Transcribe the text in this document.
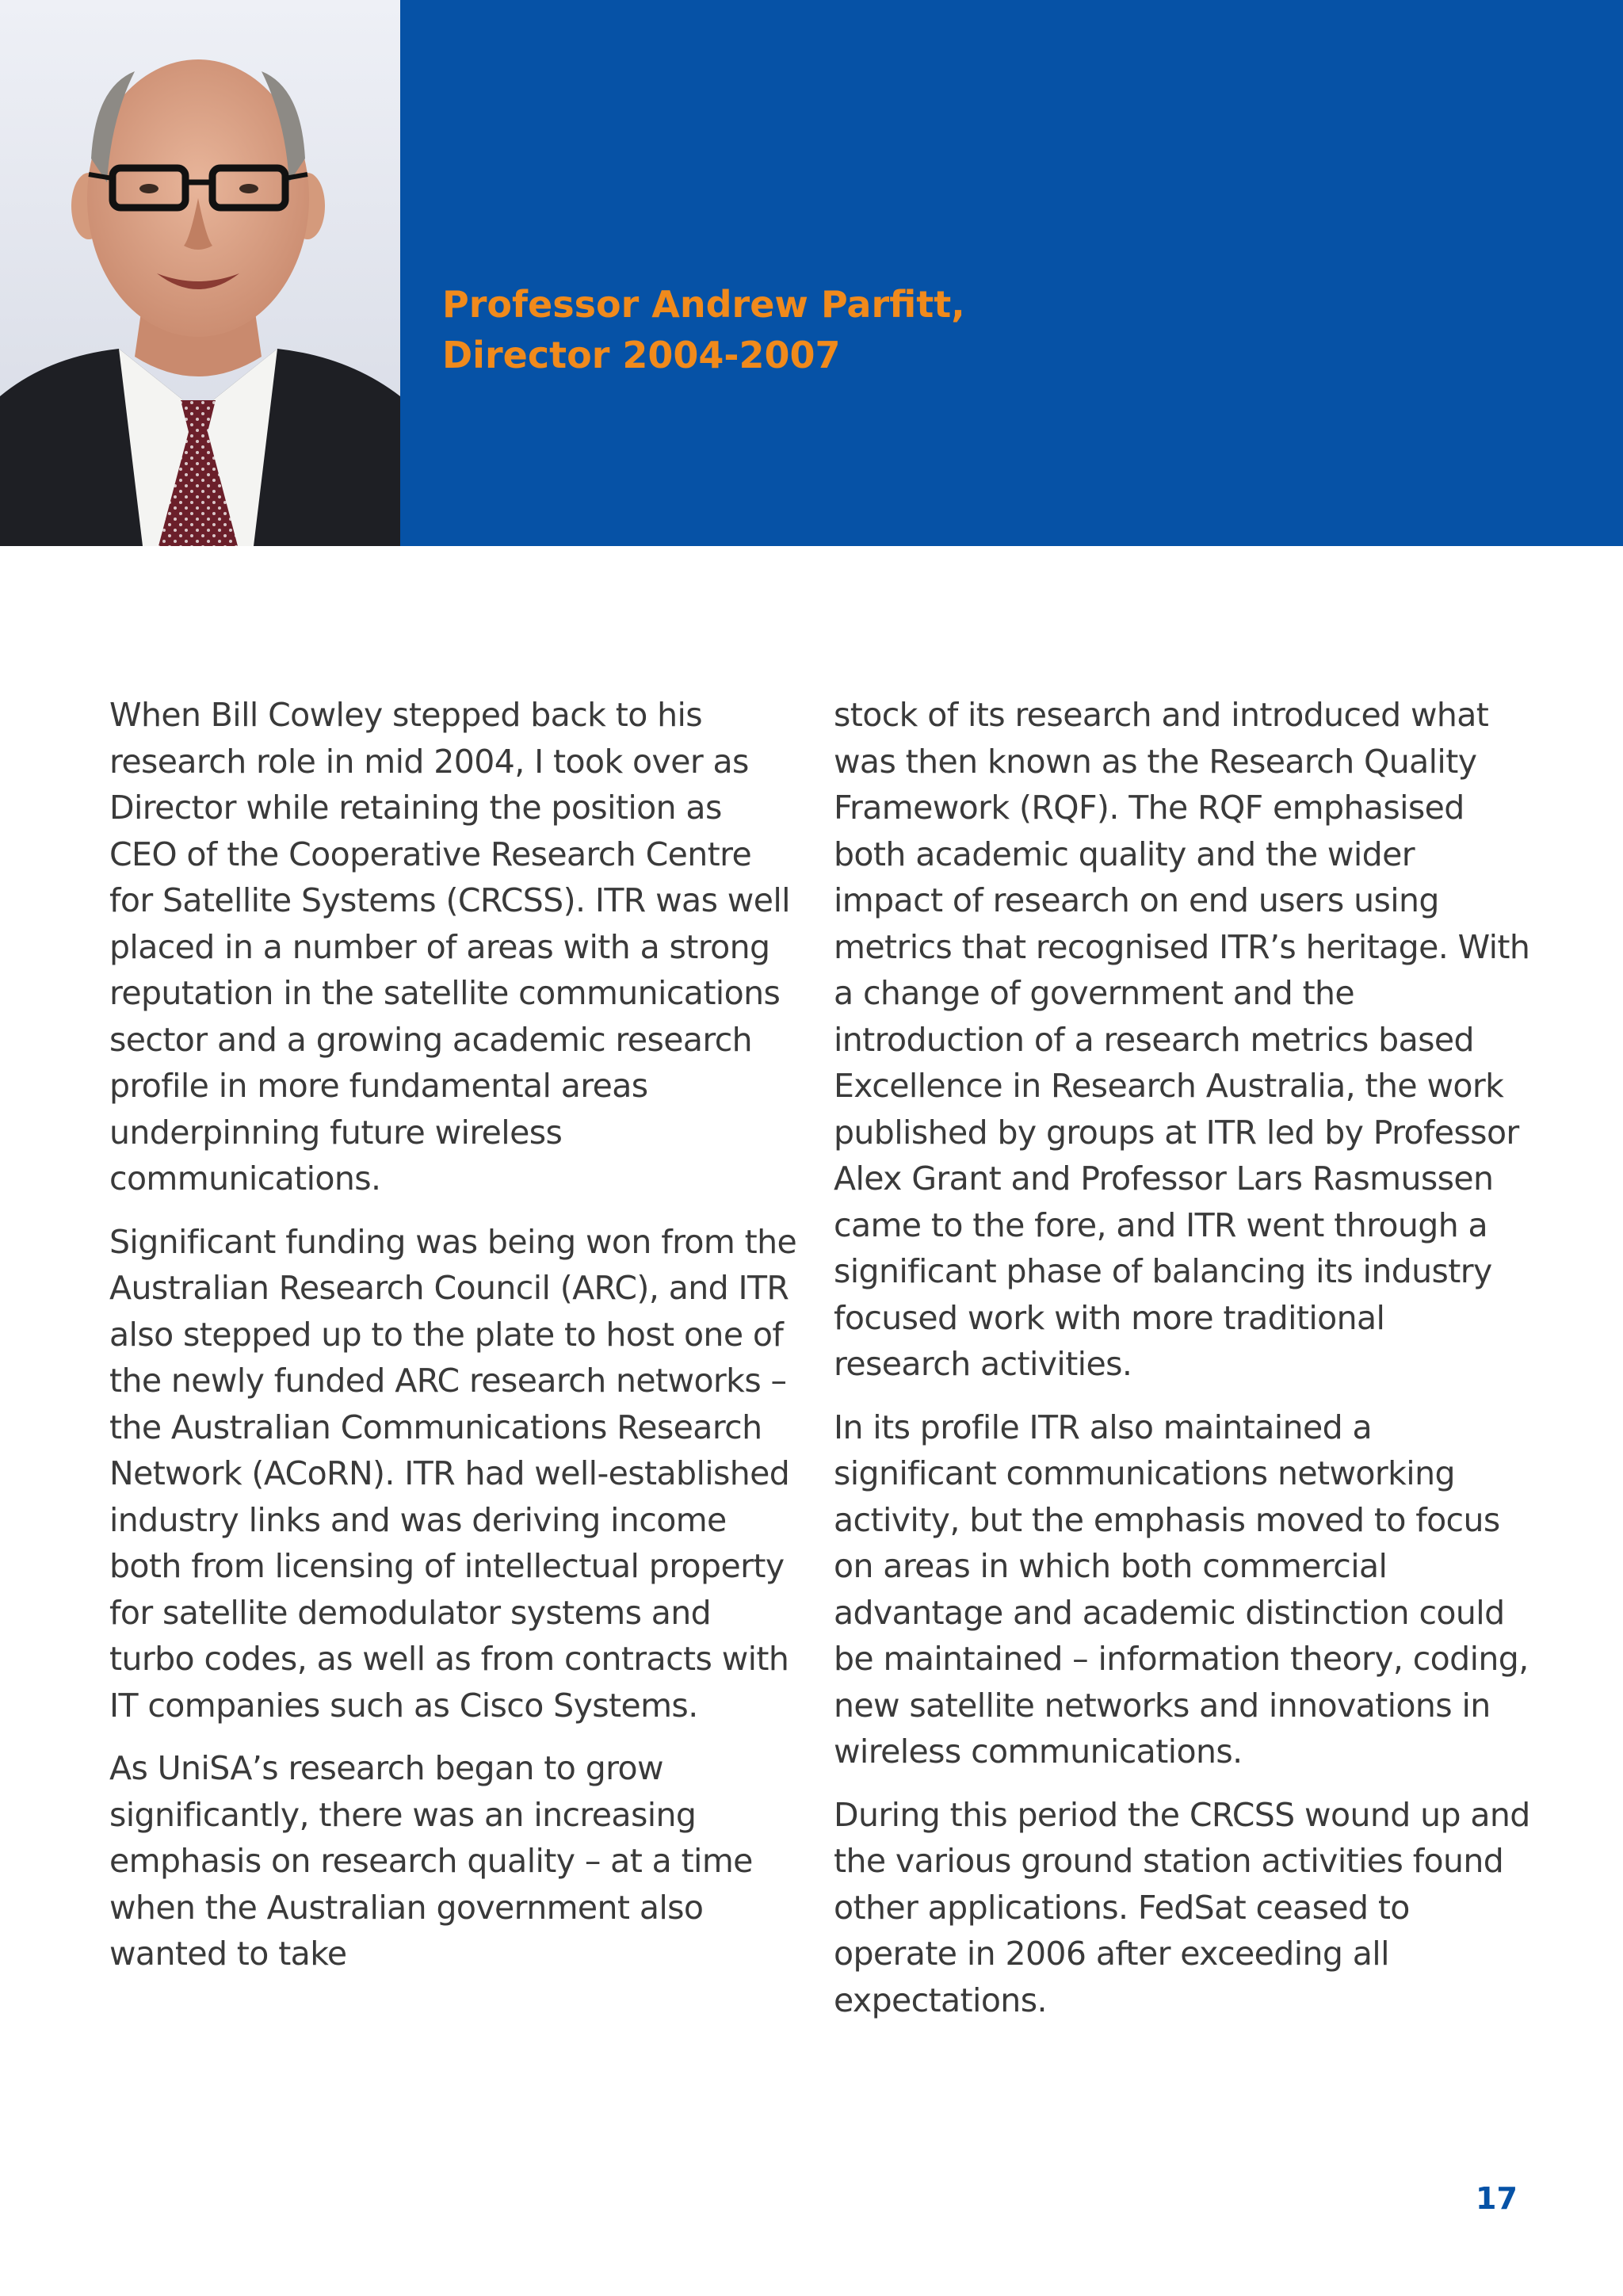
Professor Andrew Parfitt,
Director 2004-2007

When Bill Cowley stepped back to his research role in mid 2004, I took over as Director while retaining the position as CEO of the Cooperative Research Centre for Satellite Systems (CRCSS). ITR was well placed in a number of areas with a strong reputation in the satellite communications sector and a growing academic research profile in more fundamental areas underpinning future wireless communications.

Significant funding was being won from the Australian Research Council (ARC), and ITR also stepped up to the plate to host one of the newly funded ARC research networks – the Australian Communications Research Network (ACoRN). ITR had well-established industry links and was deriving income both from licensing of intellectual property for satellite demodulator systems and turbo codes, as well as from contracts with IT companies such as Cisco Systems.

As UniSA’s research began to grow significantly, there was an increasing emphasis on research quality – at a time when the Australian government also wanted to take

stock of its research and introduced what was then known as the Research Quality Framework (RQF). The RQF emphasised both academic quality and the wider impact of research on end users using metrics that recognised ITR’s heritage. With a change of government and the introduction of a research metrics based Excellence in Research Australia, the work published by groups at ITR led by Professor Alex Grant and Professor Lars Rasmussen came to the fore, and ITR went through a significant phase of balancing its industry focused work with more traditional research activities.

In its profile ITR also maintained a significant communications networking activity, but the emphasis moved to focus on areas in which both commercial advantage and academic distinction could be maintained – information theory, coding, new satellite networks and innovations in wireless communications.

During this period the CRCSS wound up and the various ground station activities found other applications. FedSat ceased to operate in 2006 after exceeding all expectations.

17
